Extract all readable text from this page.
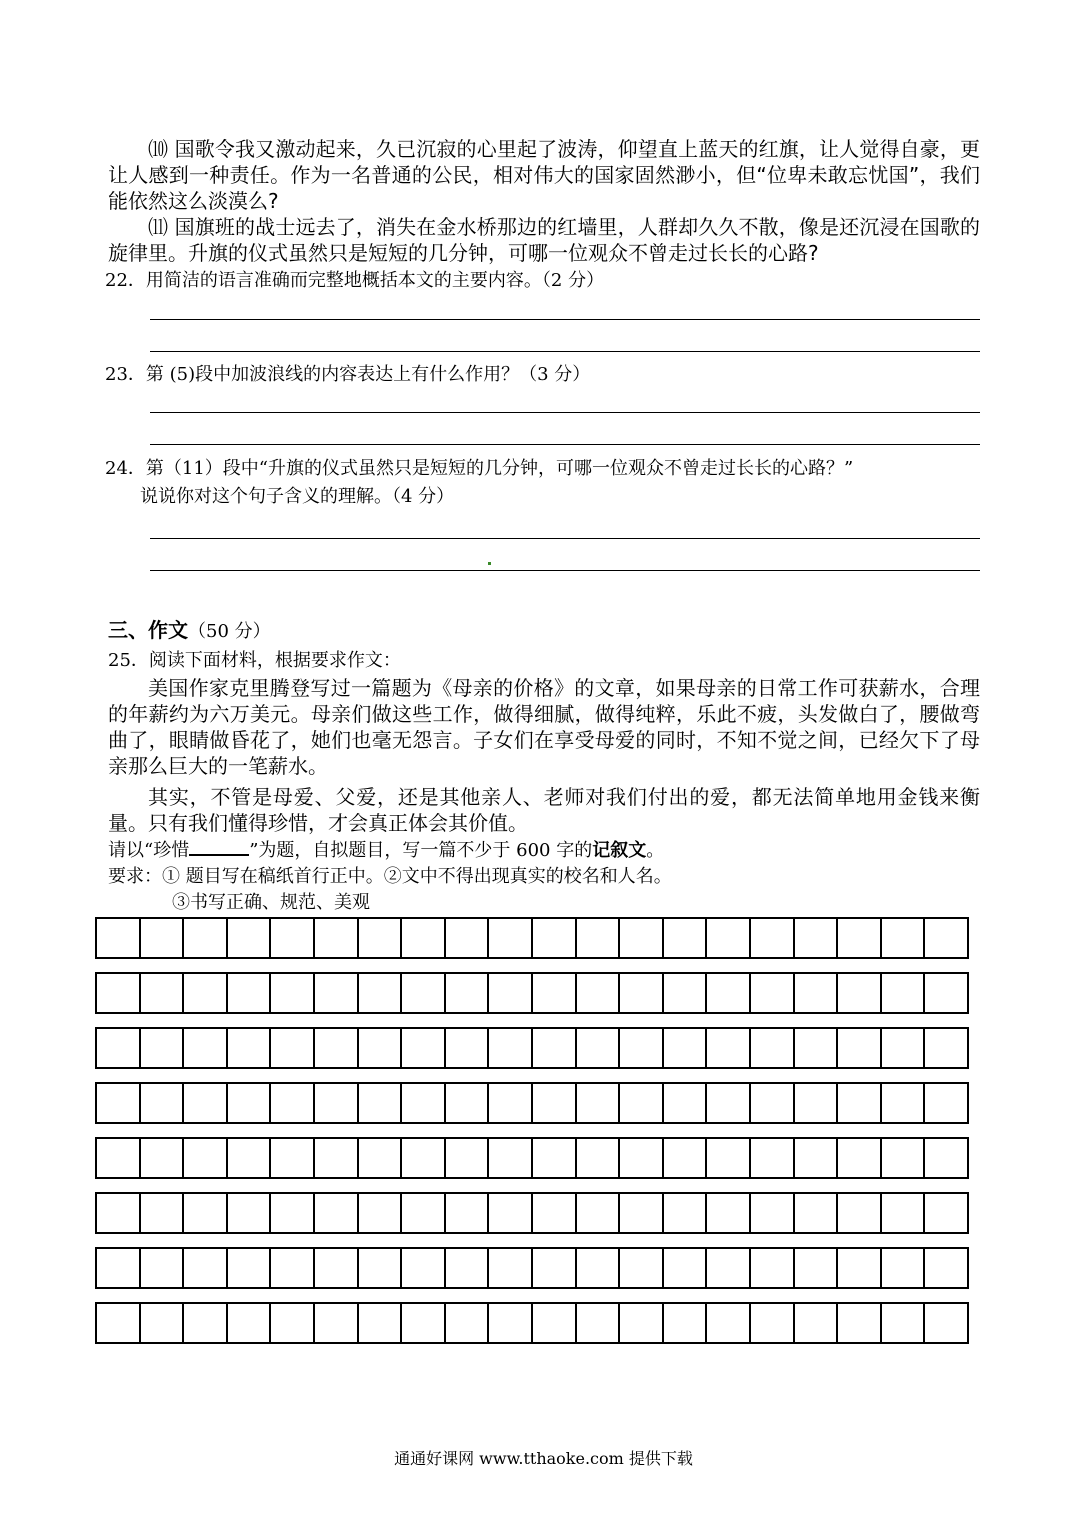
⑽ 国歌令我又激动起来，久已沉寂的心里起了波涛，仰望直上蓝天的红旗，让人觉得自豪，更让人感到一种责任。作为一名普通的公民，相对伟大的国家固然渺小，但“位卑未敢忘忧国”，我们能依然这么淡漠么?
⑾ 国旗班的战士远去了，消失在金水桥那边的红墙里，人群却久久不散，像是还沉浸在国歌的旋律里。升旗的仪式虽然只是短短的几分钟，可哪一位观众不曾走过长长的心路?
22．用简洁的语言准确而完整地概括本文的主要内容。（2 分）
23．第 (5)段中加波浪线的内容表达上有什么作用？（3 分）
24．第（11）段中“升旗的仪式虽然只是短短的几分钟，可哪一位观众不曾走过长长的心路？”
说说你对这个句子含义的理解。（4 分）
三、作文（50 分）
25．阅读下面材料，根据要求作文：
美国作家克里腾登写过一篇题为《母亲的价格》的文章，如果母亲的日常工作可获薪水，合理的年薪约为六万美元。母亲们做这些工作，做得细腻，做得纯粹，乐此不疲，头发做白了，腰做弯曲了，眼睛做昏花了，她们也毫无怨言。子女们在享受母爱的同时，不知不觉之间，已经欠下了母亲那么巨大的一笔薪水。
其实，不管是母爱、父爱，还是其他亲人、老师对我们付出的爱，都无法简单地用金钱来衡量。只有我们懂得珍惜，才会真正体会其价值。
请以“珍惜	”为题，自拟题目，写一篇不少于 600 字的记叙文。
要求：① 题目写在稿纸首行正中。②文中不得出现真实的校名和人名。
③书写正确、规范、美观
通通好课网 www.tthaoke.com 提供下载
